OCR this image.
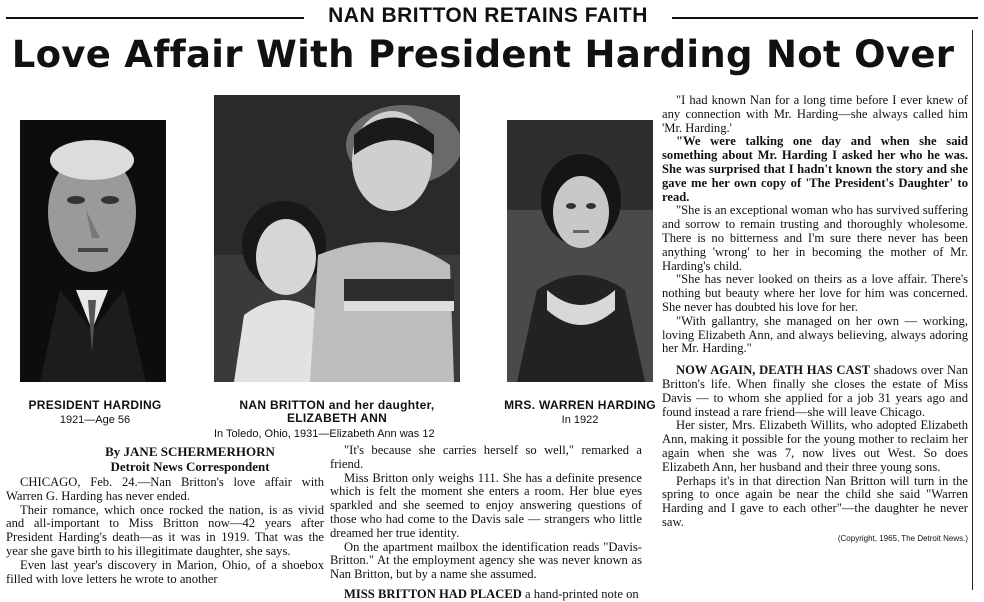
NAN BRITTON RETAINS FAITH
Love Affair With President Harding Not Over
PRESIDENT HARDING
1921—Age 56
NAN BRITTON and her daughter,
ELIZABETH ANN
In Toledo, Ohio, 1931—Elizabeth Ann was 12
MRS. WARREN HARDING
In 1922
By JANE SCHERMERHORN
Detroit News Correspondent

CHICAGO, Feb. 24.—Nan Britton's love affair with Warren G. Harding has never ended.

Their romance, which once rocked the nation, is as vivid and all-important to Miss Britton now—42 years after President Harding's death—as it was in 1919. That was the year she gave birth to his illegitimate daughter, she says.

Even last year's discovery in Marion, Ohio, of a shoebox filled with love letters he wrote to another

"It's because she carries herself so well," remarked a friend.

Miss Britton only weighs 111. She has a definite presence which is felt the moment she enters a room. Her blue eyes sparkled and she seemed to enjoy answering questions of those who had come to the Davis sale — strangers who little dreamed her true identity.

On the apartment mailbox the identification reads "Davis-Britton." At the employment agency she was never known as Nan Britton, but by a name she assumed.

MISS BRITTON HAD PLACED a hand-printed note on

"I had known Nan for a long time before I ever knew of any connection with Mr. Harding—she always called him 'Mr. Harding.'

"We were talking one day and when she said something about Mr. Harding I asked her who he was. She was surprised that I hadn't known the story and she gave me her own copy of 'The President's Daughter' to read.

"She is an exceptional woman who has survived suffering and sorrow to remain trusting and thoroughly wholesome. There is no bitterness and I'm sure there never has been anything 'wrong' to her in becoming the mother of Mr. Harding's child.

"She has never looked on theirs as a love affair. There's nothing but beauty where her love for him was concerned. She never has doubted his love for her.

"With gallantry, she managed on her own — working, loving Elizabeth Ann, and always believing, always adoring her Mr. Harding."

NOW AGAIN, DEATH HAS CAST shadows over Nan Britton's life. When finally she closes the estate of Miss Davis — to whom she applied for a job 31 years ago and found instead a rare friend—she will leave Chicago.

Her sister, Mrs. Elizabeth Willits, who adopted Elizabeth Ann, making it possible for the young mother to reclaim her again when she was 7, now lives out West. So does Elizabeth Ann, her husband and their three young sons.

Perhaps it's in that direction Nan Britton will turn in the spring to once again be near the child she said "Warren Harding and I gave to each other"—the daughter he never saw.

(Copyright, 1965, The Detroit News.)
